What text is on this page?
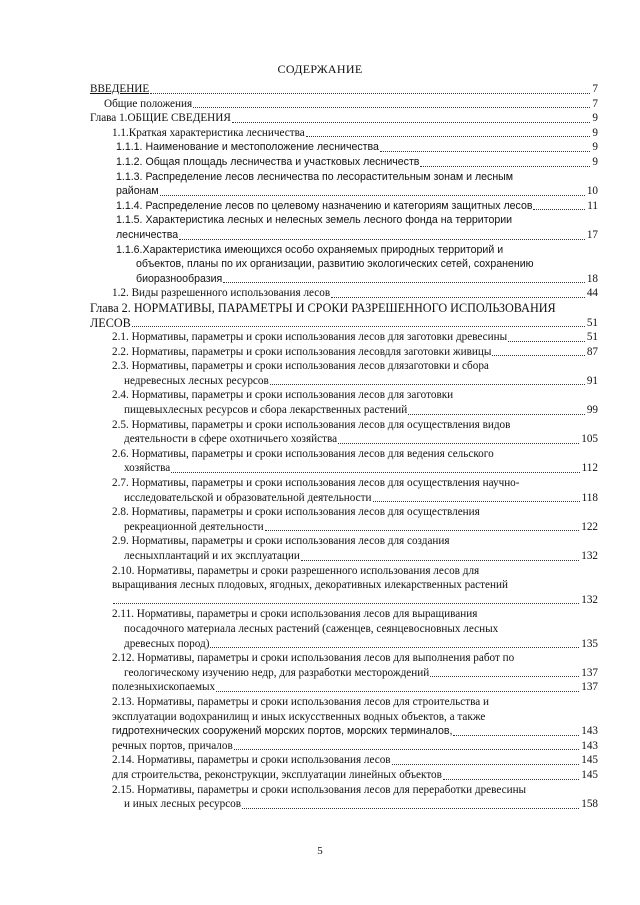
СОДЕРЖАНИЕ
ВВЕДЕНИЕ	7
Общие положения	7
Глава 1.ОБЩИЕ СВЕДЕНИЯ	9
1.1.Краткая характеристика лесничества	9
1.1.1. Наименование и местоположение лесничества	9
1.1.2. Общая площадь лесничества и участковых лесничеств	9
1.1.3. Распределение лесов лесничества по лесорастительным зонам и лесным
районам	10
1.1.4. Распределение лесов по целевому назначению и категориям защитных лесов	11
1.1.5. Характеристика лесных и нелесных земель лесного фонда на территории
лесничества	17
1.1.6.Характеристика имеющихся особо охраняемых природных территорий и
объектов, планы по их организации, развитию экологических сетей, сохранению
биоразнообразия	18
1.2. Виды разрешенного использования лесов	44
Глава 2. НОРМАТИВЫ, ПАРАМЕТРЫ И СРОКИ РАЗРЕШЕННОГО ИСПОЛЬЗОВАНИЯ
ЛЕСОВ	51
2.1. Нормативы, параметры и сроки использования лесов для заготовки древесины	51
2.2. Нормативы, параметры и сроки использования лесовдля заготовки живицы	87
2.3. Нормативы, параметры и сроки использования лесов длязаготовки и сбора
недревесных лесных ресурсов	91
2.4. Нормативы, параметры и сроки использования лесов для заготовки
пищевыхлесных ресурсов и сбора лекарственных растений	99
2.5. Нормативы, параметры и сроки использования лесов для осуществления видов
деятельности в сфере охотничьего хозяйства	105
2.6. Нормативы, параметры и сроки использования лесов для ведения сельского
хозяйства	112
2.7. Нормативы, параметры и сроки использования лесов для осуществления научно-
исследовательской и образовательной деятельности	118
2.8. Нормативы, параметры и сроки использования лесов для осуществления
рекреационной деятельности	122
2.9. Нормативы, параметры и сроки использования лесов для создания
лесныхплантаций и их эксплуатации	132
2.10. Нормативы, параметры и сроки разрешенного использования лесов для
выращивания лесных плодовых, ягодных, декоративных илекарственных растений
132
2.11. Нормативы, параметры и сроки использования лесов для выращивания
посадочного материала лесных растений (саженцев, сеянцевосновных лесных
древесных пород)	135
2.12. Нормативы, параметры и сроки использования лесов для выполнения работ по
геологическому изучению недр, для разработки месторождений	137
полезныхископаемых	137
2.13. Нормативы, параметры и сроки использования лесов для строительства и
эксплуатации водохранилищ и иных искусственных водных объектов, а также
гидротехнических сооружений морских портов, морских терминалов,	143
речных портов, причалов	143
2.14. Нормативы, параметры и сроки использования лесов	145
для строительства, реконструкции, эксплуатации линейных объектов	145
2.15. Нормативы, параметры и сроки использования лесов для переработки древесины
и иных лесных ресурсов	158
5
